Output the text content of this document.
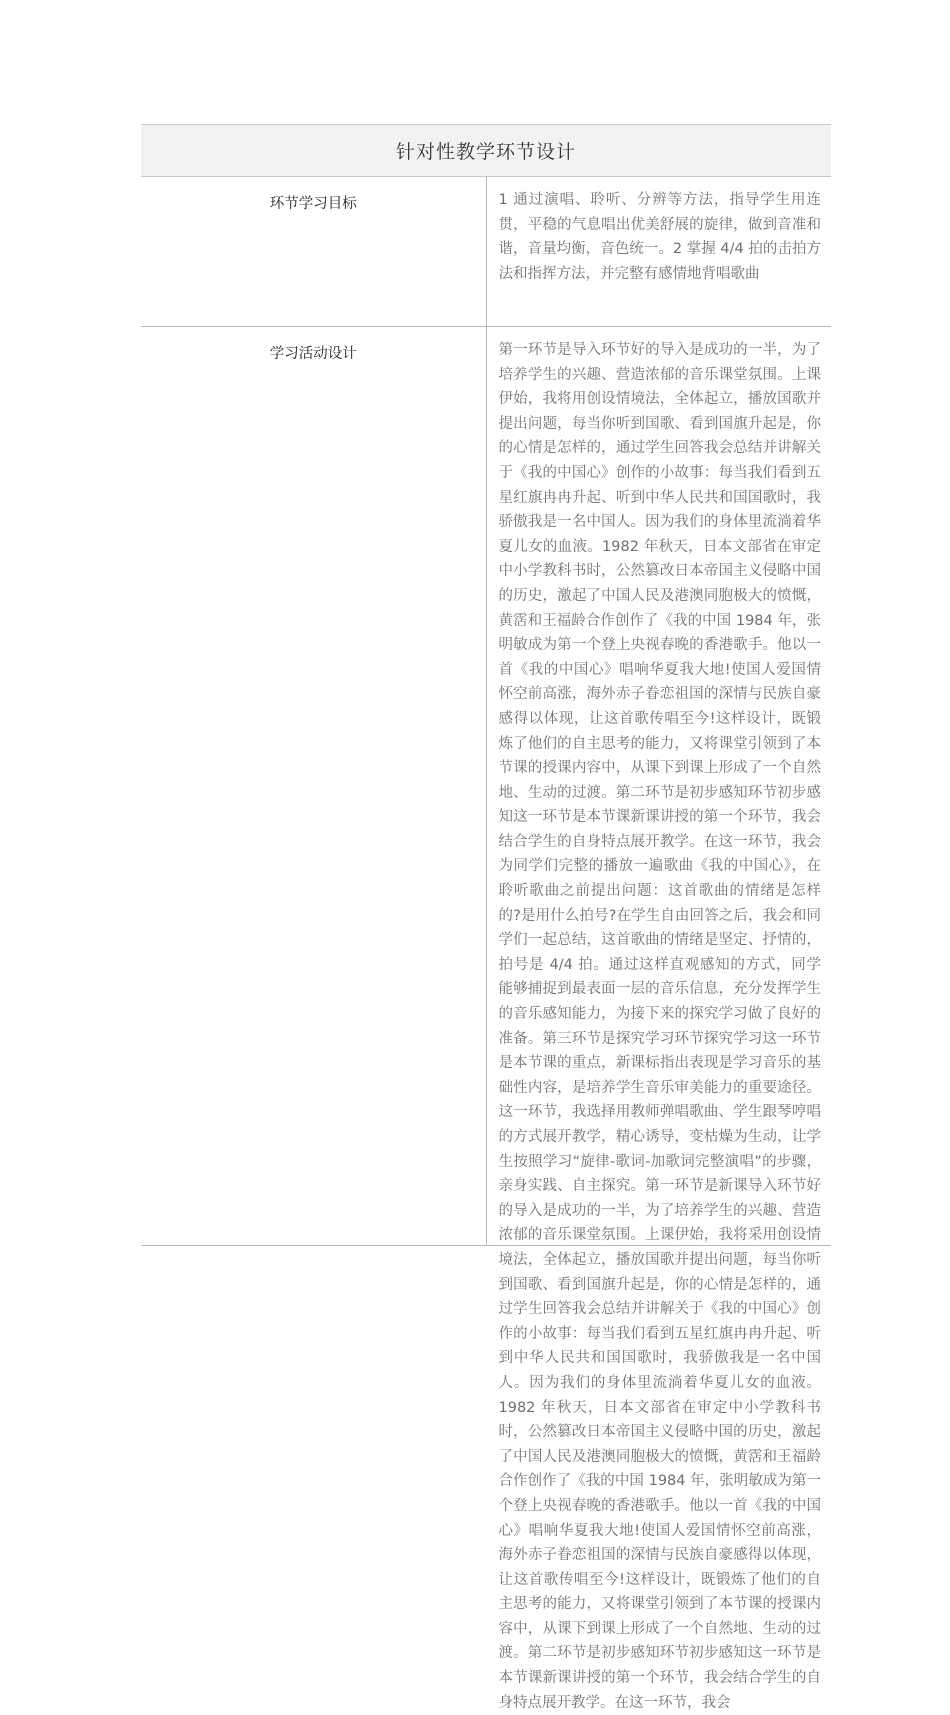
针对性教学环节设计	
环节学习目标	1 通过演唱、聆听、分辨等方法，指导学生用连贯，平稳的气息唱出优美舒展的旋律，做到音准和谐，音量均衡，音色统一。2 掌握 4/4 拍的击拍方法和指挥方法，并完整有感情地背唱歌曲
学习活动设计	第一环节是导入环节好的导入是成功的一半，为了培养学生的兴趣、营造浓郁的音乐课堂氛围。上课伊始，我将用创设情境法，全体起立，播放国歌并提出问题，每当你听到国歌、看到国旗升起是，你的心情是怎样的，通过学生回答我会总结并讲解关于《我的中国心》创作的小故事：每当我们看到五星红旗冉冉升起、听到中华人民共和国国歌时，我骄傲我是一名中国人。因为我们的身体里流淌着华夏儿女的血液。1982 年秋天，日本文部省在审定中小学教科书时，公然篡改日本帝国主义侵略中国的历史，激起了中国人民及港澳同胞极大的愤慨，黄霑和王福龄合作创作了《我的中国 1984 年，张明敏成为第一个登上央视春晚的香港歌手。他以一首《我的中国心》唱响华夏我大地!使国人爱国情怀空前高涨，海外赤子眷恋祖国的深情与民族自豪感得以体现，让这首歌传唱至今!这样设计，既锻炼了他们的自主思考的能力，又将课堂引领到了本节课的授课内容中，从课下到课上形成了一个自然地、生动的过渡。第二环节是初步感知环节初步感知这一环节是本节课新课讲授的第一个环节，我会结合学生的自身特点展开教学。在这一环节，我会为同学们完整的播放一遍歌曲《我的中国心》，在聆听歌曲之前提出问题：这首歌曲的情绪是怎样的?是用什么拍号?在学生自由回答之后，我会和同学们一起总结，这首歌曲的情绪是坚定、抒情的，拍号是 4/4 拍。通过这样直观感知的方式，同学能够捕捉到最表面一层的音乐信息，充分发挥学生的音乐感知能力，为接下来的探究学习做了良好的准备。第三环节是探究学习环节探究学习这一环节是本节课的重点，新课标指出表现是学习音乐的基础性内容，是培养学生音乐审美能力的重要途径。这一环节，我选择用教师弹唱歌曲、学生跟琴哼唱的方式展开教学，精心诱导，变枯燥为生动，让学生按照学习“旋律-歌词-加歌词完整演唱”的步骤，亲身实践、自主探究。第一环节是新课导入环节好的导入是成功的一半，为了培养学生的兴趣、营造浓郁的音乐课堂氛围。上课伊始，我将采用创设情境法，全体起立，播放国歌并提出问题，每当你听到国歌、看到国旗升起是，你的心情是怎样的，通过学生回答我会总结并讲解关于《我的中国心》创作的小故事：每当我们看到五星红旗冉冉升起、听到中华人民共和国国歌时，我骄傲我是一名中国人。因为我们的身体里流淌着华夏儿女的血液。1982 年秋天，日本文部省在审定中小学教科书时，公然篡改日本帝国主义侵略中国的历史，激起了中国人民及港澳同胞极大的愤慨，黄霑和王福龄合作创作了《我的中国 1984 年，张明敏成为第一个登上央视春晚的香港歌手。他以一首《我的中国心》唱响华夏我大地!使国人爱国情怀空前高涨，海外赤子眷恋祖国的深情与民族自豪感得以体现，让这首歌传唱至今!这样设计，既锻炼了他们的自主思考的能力，又将课堂引领到了本节课的授课内容中，从课下到课上形成了一个自然地、生动的过渡。第二环节是初步感知环节初步感知这一环节是本节课新课讲授的第一个环节，我会结合学生的自身特点展开教学。在这一环节，我会
